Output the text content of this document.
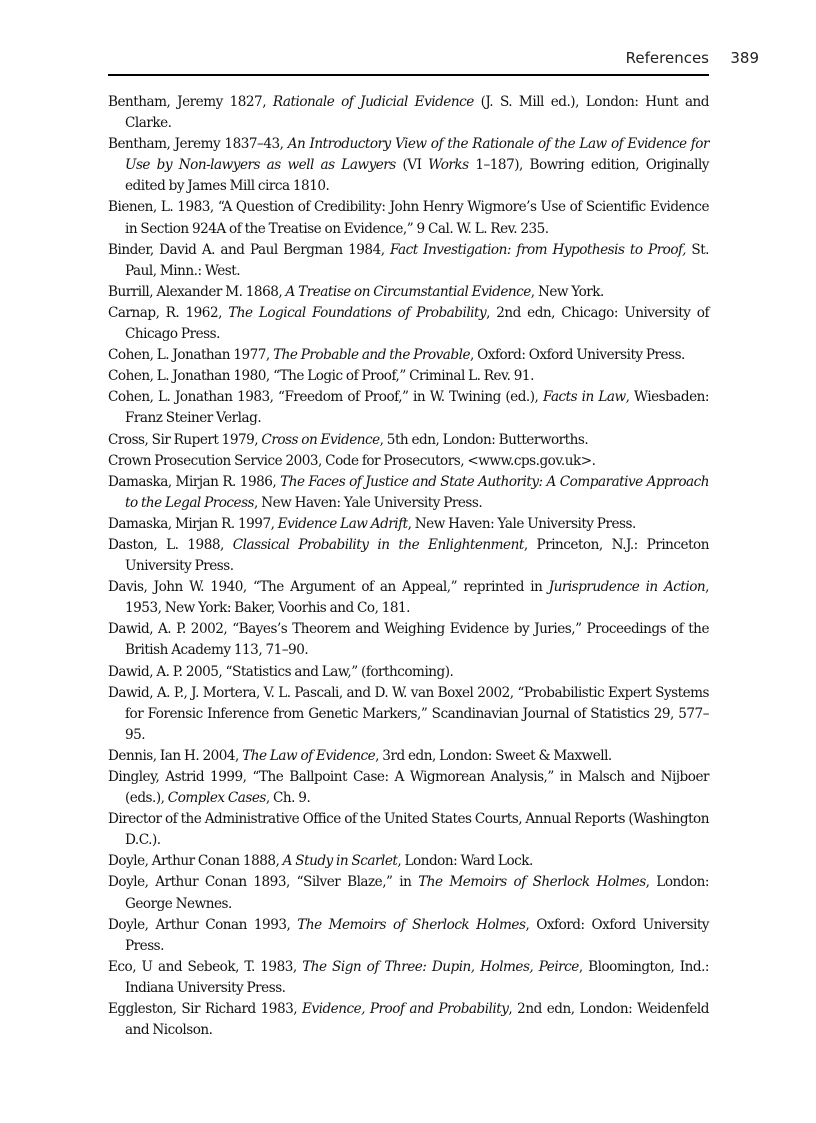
References	389

Bentham, Jeremy 1827, Rationale of Judicial Evidence (J. S. Mill ed.), London: Hunt and Clarke.

Bentham, Jeremy 1837–43, An Introductory View of the Rationale of the Law of Evidence for Use by Non-lawyers as well as Lawyers (VI Works 1–187), Bowring edition, Originally edited by James Mill circa 1810.

Bienen, L. 1983, “A Question of Credibility: John Henry Wigmore’s Use of Scientific Evidence in Section 924A of the Treatise on Evidence,” 9 Cal. W. L. Rev. 235.

Binder, David A. and Paul Bergman 1984, Fact Investigation: from Hypothesis to Proof, St. Paul, Minn.: West.

Burrill, Alexander M. 1868, A Treatise on Circumstantial Evidence, New York.

Carnap, R. 1962, The Logical Foundations of Probability, 2nd edn, Chicago: University of Chicago Press.

Cohen, L. Jonathan 1977, The Probable and the Provable, Oxford: Oxford University Press.

Cohen, L. Jonathan 1980, “The Logic of Proof,” Criminal L. Rev. 91.

Cohen, L. Jonathan 1983, “Freedom of Proof,” in W. Twining (ed.), Facts in Law, Wiesbaden: Franz Steiner Verlag.

Cross, Sir Rupert 1979, Cross on Evidence, 5th edn, London: Butterworths.

Crown Prosecution Service 2003, Code for Prosecutors, <www.cps.gov.uk>.

Damaska, Mirjan R. 1986, The Faces of Justice and State Authority: A Comparative Approach to the Legal Process, New Haven: Yale University Press.

Damaska, Mirjan R. 1997, Evidence Law Adrift, New Haven: Yale University Press.

Daston, L. 1988, Classical Probability in the Enlightenment, Princeton, N.J.: Princeton University Press.

Davis, John W. 1940, “The Argument of an Appeal,” reprinted in Jurisprudence in Action, 1953, New York: Baker, Voorhis and Co, 181.

Dawid, A. P. 2002, “Bayes’s Theorem and Weighing Evidence by Juries,” Proceedings of the British Academy 113, 71–90.

Dawid, A. P. 2005, “Statistics and Law,” (forthcoming).

Dawid, A. P., J. Mortera, V. L. Pascali, and D. W. van Boxel 2002, “Probabilistic Expert Systems for Forensic Inference from Genetic Markers,” Scandinavian Journal of Statistics 29, 577–95.

Dennis, Ian H. 2004, The Law of Evidence, 3rd edn, London: Sweet & Maxwell.

Dingley, Astrid 1999, “The Ballpoint Case: A Wigmorean Analysis,” in Malsch and Nijboer (eds.), Complex Cases, Ch. 9.

Director of the Administrative Office of the United States Courts, Annual Reports (Washington D.C.).

Doyle, Arthur Conan 1888, A Study in Scarlet, London: Ward Lock.

Doyle, Arthur Conan 1893, “Silver Blaze,” in The Memoirs of Sherlock Holmes, London: George Newnes.

Doyle, Arthur Conan 1993, The Memoirs of Sherlock Holmes, Oxford: Oxford University Press.

Eco, U and Sebeok, T. 1983, The Sign of Three: Dupin, Holmes, Peirce, Bloomington, Ind.: Indiana University Press.

Eggleston, Sir Richard 1983, Evidence, Proof and Probability, 2nd edn, London: Weidenfeld and Nicolson.
